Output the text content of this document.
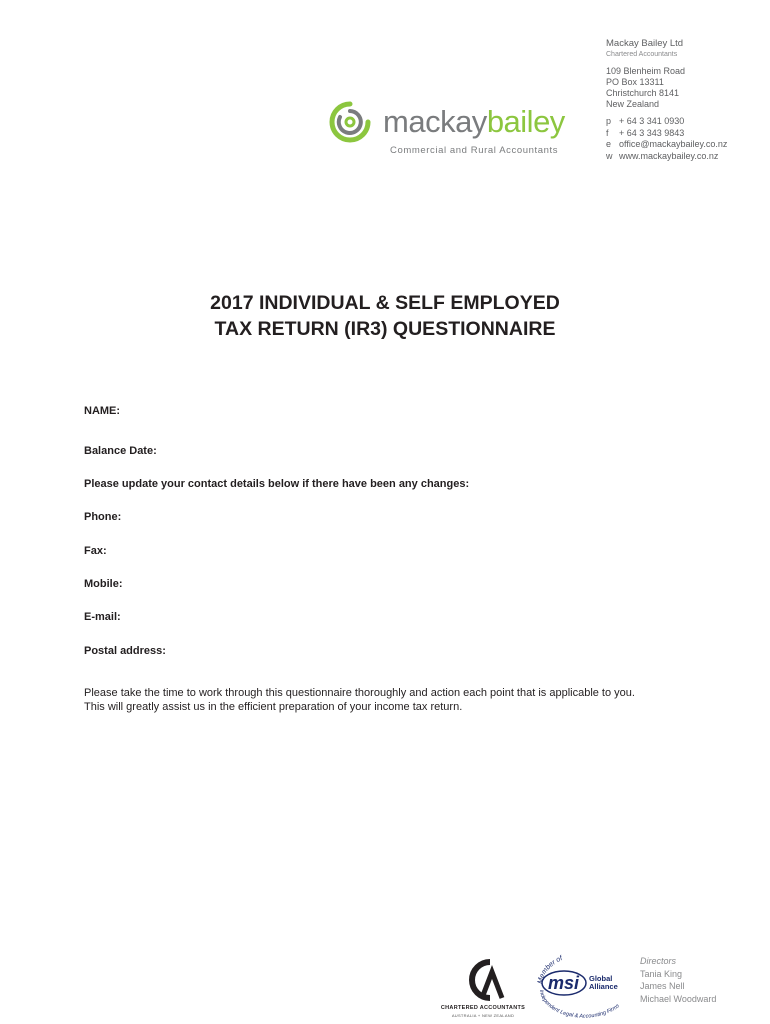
mackaybailey
Commercial and Rural Accountants
Mackay Bailey Ltd
Chartered Accountants
109 Blenheim Road
PO Box 13311
Christchurch 8141
New Zealand
p + 64 3 341 0930
f + 64 3 343 9843
e office@mackaybailey.co.nz
w www.mackaybailey.co.nz
2017 INDIVIDUAL & SELF EMPLOYED
TAX RETURN (IR3) QUESTIONNAIRE
NAME:
Balance Date:
Please update your contact details below if there have been any changes:
Phone:
Fax:
Mobile:
E-mail:
Postal address:
Please take the time to work through this questionnaire thoroughly and action each point that is applicable to you.
This will greatly assist us in the efficient preparation of your income tax return.
CHARTERED ACCOUNTANTS
AUSTRALIA + NEW ZEALAND
Member of
msi Global
Alliance
Independent Legal & Accounting Firms
Directors
Tania King
James Nell
Michael Woodward
